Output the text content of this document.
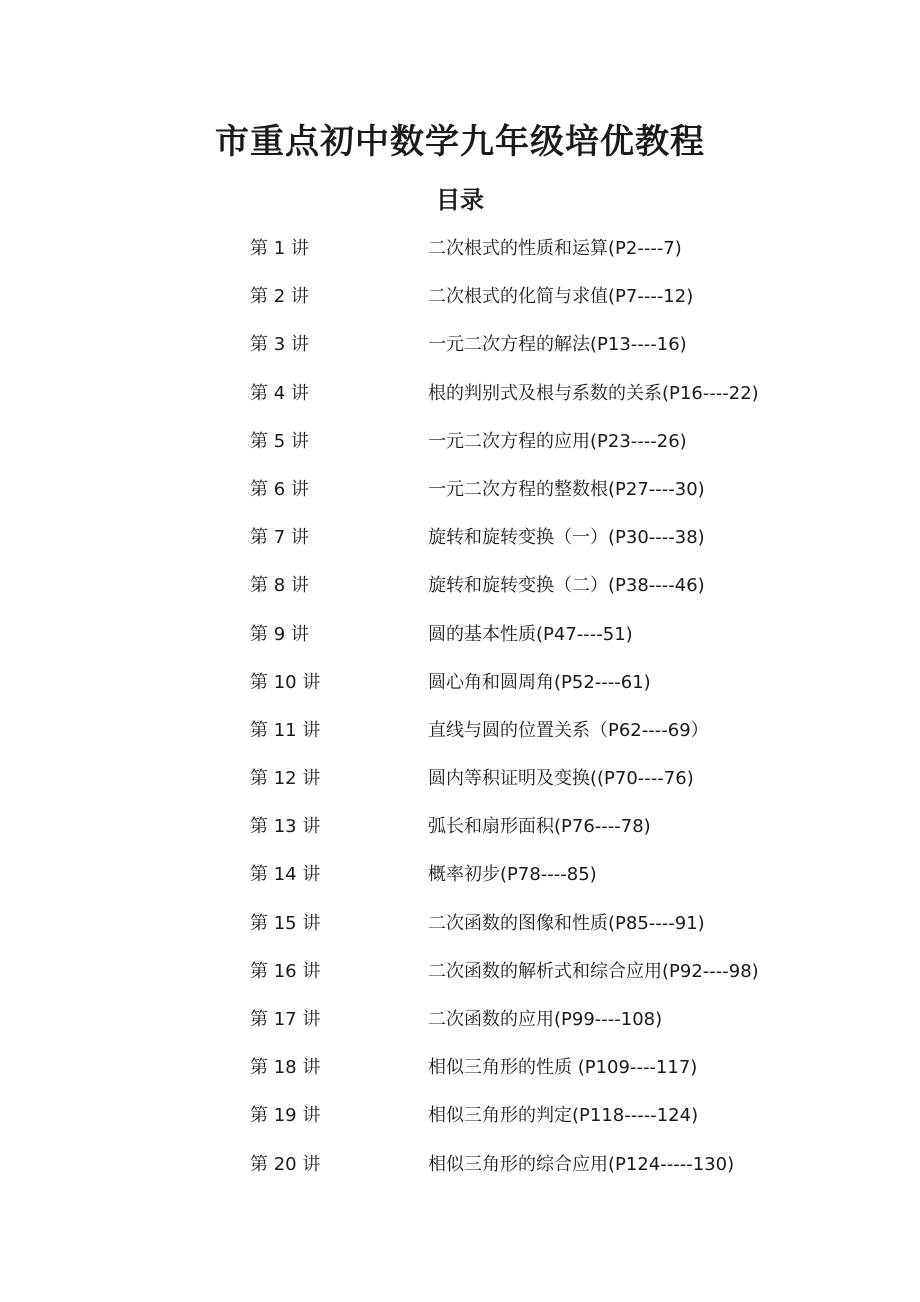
市重点初中数学九年级培优教程
目录
第 1 讲	二次根式的性质和运算(P2----7)
第 2 讲	二次根式的化简与求值(P7----12)
第 3 讲	一元二次方程的解法(P13----16)
第 4 讲	根的判别式及根与系数的关系(P16----22)
第 5 讲	一元二次方程的应用(P23----26)
第 6 讲	一元二次方程的整数根(P27----30)
第 7 讲	旋转和旋转变换（一）(P30----38)
第 8 讲	旋转和旋转变换（二）(P38----46)
第 9 讲	圆的基本性质(P47----51)
第 10 讲	圆心角和圆周角(P52----61)
第 11 讲	直线与圆的位置关系（P62----69）
第 12 讲	圆内等积证明及变换((P70----76)
第 13 讲	弧长和扇形面积(P76----78)
第 14 讲	概率初步(P78----85)
第 15 讲	二次函数的图像和性质(P85----91)
第 16 讲	二次函数的解析式和综合应用(P92----98)
第 17 讲	二次函数的应用(P99----108)
第 18 讲	相似三角形的性质 (P109----117)
第 19 讲	相似三角形的判定(P118-----124)
第 20 讲	相似三角形的综合应用(P124-----130)
